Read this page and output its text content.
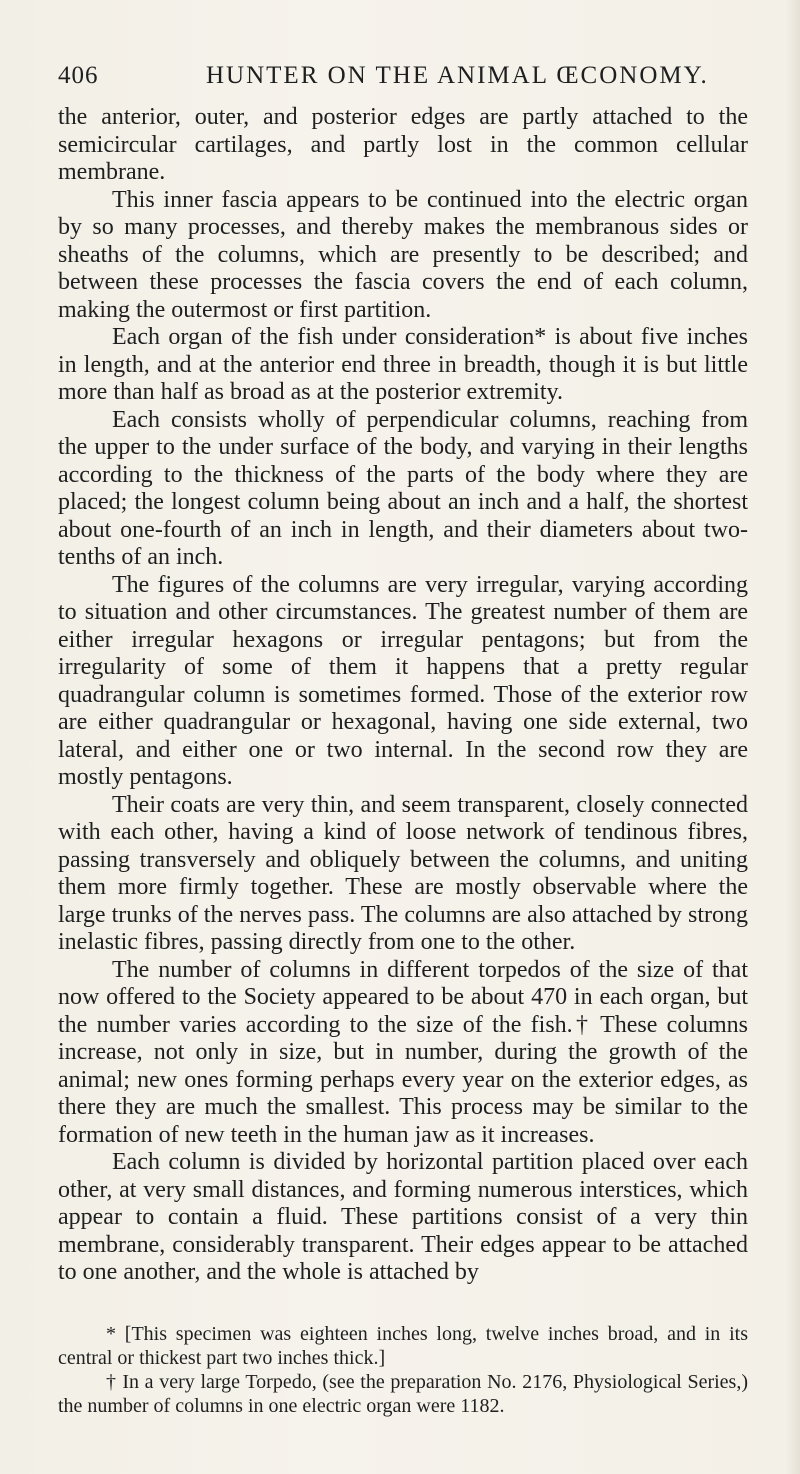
406	HUNTER ON THE ANIMAL ŒCONOMY.

the anterior, outer, and posterior edges are partly attached to the semicircular cartilages, and partly lost in the common cellular membrane.

This inner fascia appears to be continued into the electric organ by so many processes, and thereby makes the membranous sides or sheaths of the columns, which are presently to be described; and between these processes the fascia covers the end of each column, making the outermost or first partition.

Each organ of the fish under consideration* is about five inches in length, and at the anterior end three in breadth, though it is but little more than half as broad as at the posterior extremity.

Each consists wholly of perpendicular columns, reaching from the upper to the under surface of the body, and varying in their lengths according to the thickness of the parts of the body where they are placed; the longest column being about an inch and a half, the shortest about one-fourth of an inch in length, and their diameters about two-tenths of an inch.

The figures of the columns are very irregular, varying according to situation and other circumstances. The greatest number of them are either irregular hexagons or irregular pentagons; but from the irregularity of some of them it happens that a pretty regular quadrangular column is sometimes formed. Those of the exterior row are either quadrangular or hexagonal, having one side external, two lateral, and either one or two internal. In the second row they are mostly pentagons.

Their coats are very thin, and seem transparent, closely connected with each other, having a kind of loose network of tendinous fibres, passing transversely and obliquely between the columns, and uniting them more firmly together. These are mostly observable where the large trunks of the nerves pass. The columns are also attached by strong inelastic fibres, passing directly from one to the other.

The number of columns in different torpedos of the size of that now offered to the Society appeared to be about 470 in each organ, but the number varies according to the size of the fish.† These columns increase, not only in size, but in number, during the growth of the animal; new ones forming perhaps every year on the exterior edges, as there they are much the smallest. This process may be similar to the formation of new teeth in the human jaw as it increases.

Each column is divided by horizontal partition placed over each other, at very small distances, and forming numerous interstices, which appear to contain a fluid. These partitions consist of a very thin membrane, considerably transparent. Their edges appear to be attached to one another, and the whole is attached by

* [This specimen was eighteen inches long, twelve inches broad, and in its central or thickest part two inches thick.]

† In a very large Torpedo, (see the preparation No. 2176, Physiological Series,) the number of columns in one electric organ were 1182.
